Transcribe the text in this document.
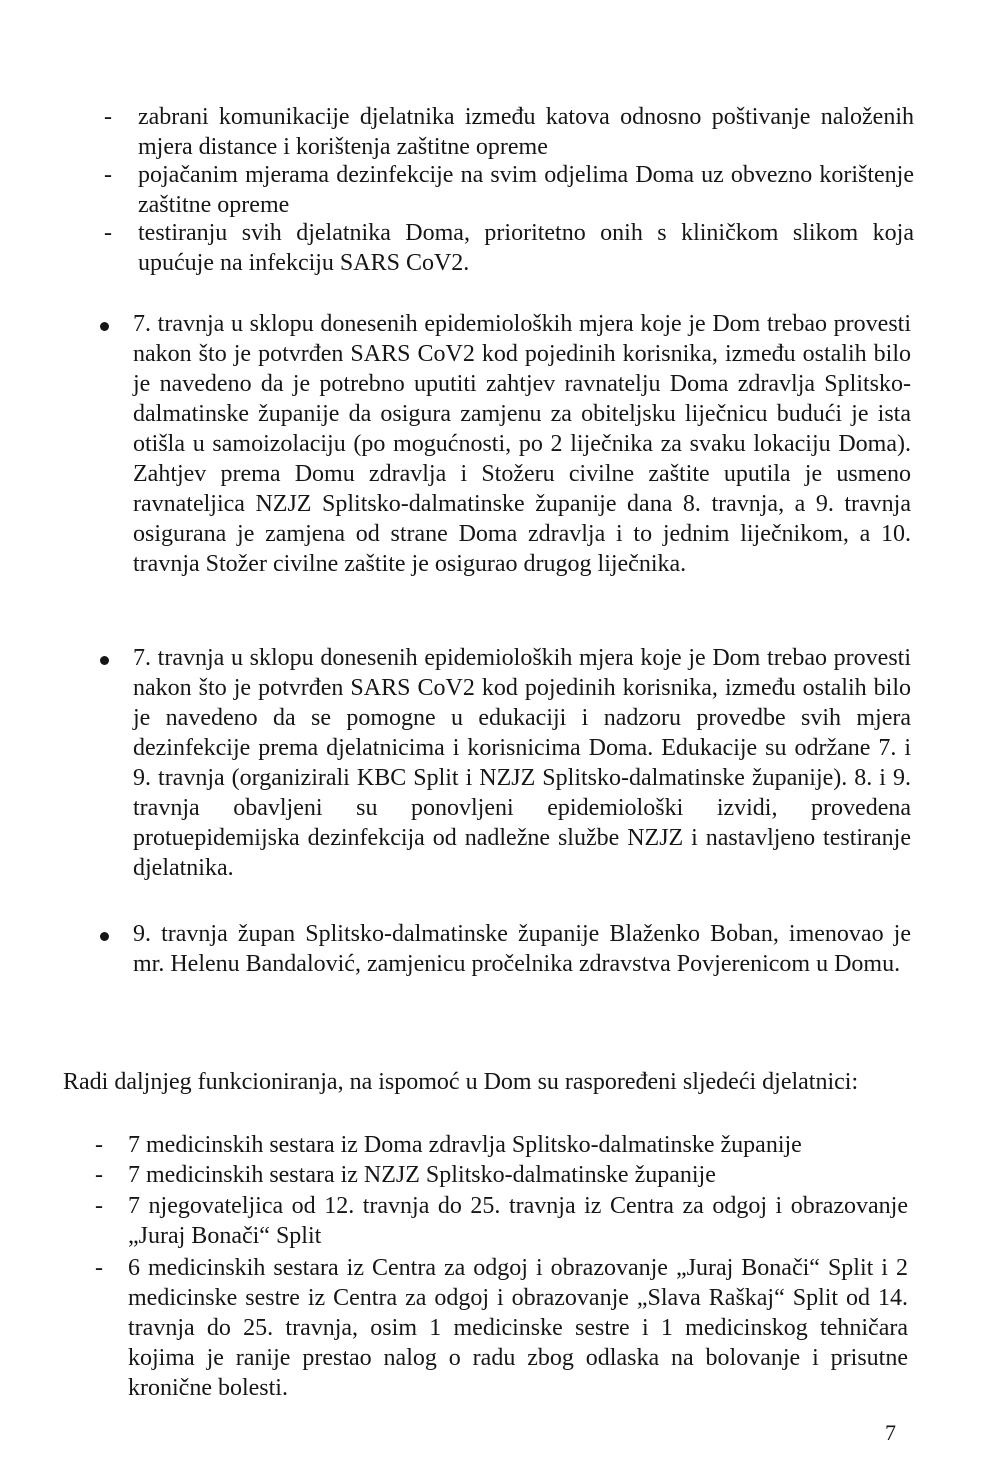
- zabrani komunikacije djelatnika između katova odnosno poštivanje naloženih mjera distance i korištenja zaštitne opreme

- pojačanim mjerama dezinfekcije na svim odjelima Doma uz obvezno korištenje zaštitne opreme

- testiranju svih djelatnika Doma, prioritetno onih s kliničkom slikom koja upućuje na infekciju SARS CoV2.

7. travnja u sklopu donesenih epidemioloških mjera koje je Dom trebao provesti nakon što je potvrđen SARS CoV2 kod pojedinih korisnika, između ostalih bilo je navedeno da je potrebno uputiti zahtjev ravnatelju Doma zdravlja Splitsko-dalmatinske županije da osigura zamjenu za obiteljsku liječnicu budući je ista otišla u samoizolaciju (po mogućnosti, po 2 liječnika za svaku lokaciju Doma). Zahtjev prema Domu zdravlja i Stožeru civilne zaštite uputila je usmeno ravnateljica NZJZ Splitsko-dalmatinske županije dana 8. travnja, a 9. travnja osigurana je zamjena od strane Doma zdravlja i to jednim liječnikom, a 10. travnja Stožer civilne zaštite je osigurao drugog liječnika.

7. travnja u sklopu donesenih epidemioloških mjera koje je Dom trebao provesti nakon što je potvrđen SARS CoV2 kod pojedinih korisnika, između ostalih bilo je navedeno da se pomogne u edukaciji i nadzoru provedbe svih mjera dezinfekcije prema djelatnicima i korisnicima Doma. Edukacije su održane 7. i 9. travnja (organizirali KBC Split i NZJZ Splitsko-dalmatinske županije). 8. i 9. travnja obavljeni su ponovljeni epidemiološki izvidi, provedena protuepidemijska dezinfekcija od nadležne službe NZJZ i nastavljeno testiranje djelatnika.

9. travnja župan Splitsko-dalmatinske županije Blaženko Boban, imenovao je mr. Helenu Bandalović, zamjenicu pročelnika zdravstva Povjerenicom u Domu.

Radi daljnjeg funkcioniranja, na ispomoć u Dom su raspoređeni sljedeći djelatnici:

- 7 medicinskih sestara iz Doma zdravlja Splitsko-dalmatinske županije

- 7 medicinskih sestara iz NZJZ Splitsko-dalmatinske županije

- 7 njegovateljica od 12. travnja do 25. travnja iz Centra za odgoj i obrazovanje „Juraj Bonači“ Split

- 6 medicinskih sestara iz Centra za odgoj i obrazovanje „Juraj Bonači“ Split i 2 medicinske sestre iz Centra za odgoj i obrazovanje „Slava Raškaj“ Split od 14. travnja do 25. travnja, osim 1 medicinske sestre i 1 medicinskog tehničara kojima je ranije prestao nalog o radu zbog odlaska na bolovanje i prisutne kronične bolesti.

7
